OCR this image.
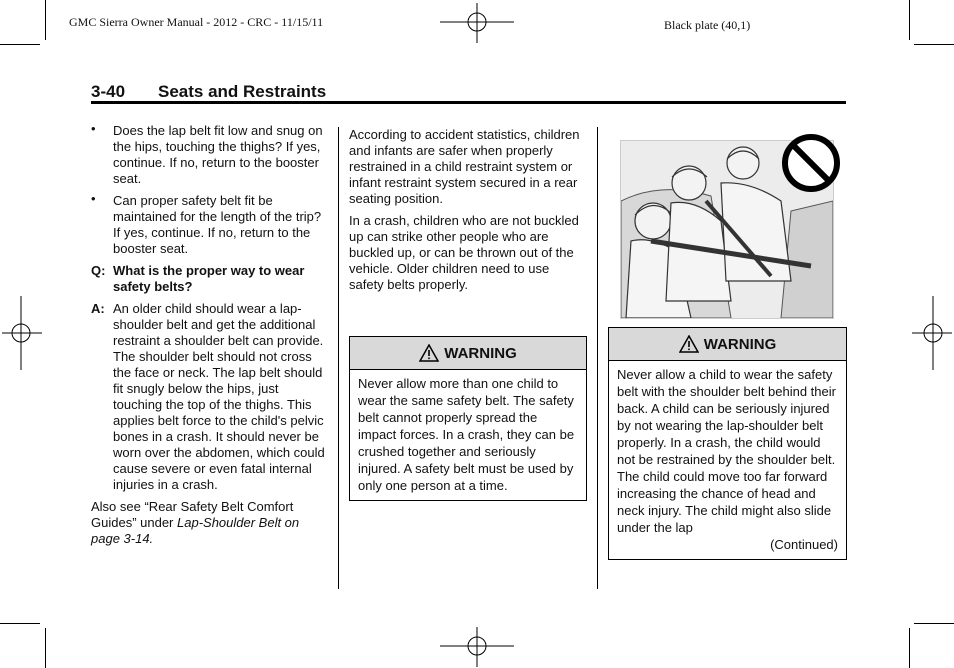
GMC Sierra Owner Manual - 2012 - CRC - 11/15/11	Black plate (40,1)
3-40 Seats and Restraints
• Does the lap belt fit low and snug on the hips, touching the thighs? If yes, continue. If no, return to the booster seat.
• Can proper safety belt fit be maintained for the length of the trip? If yes, continue. If no, return to the booster seat.
Q: What is the proper way to wear safety belts?
A: An older child should wear a lap-shoulder belt and get the additional restraint a shoulder belt can provide. The shoulder belt should not cross the face or neck. The lap belt should fit snugly below the hips, just touching the top of the thighs. This applies belt force to the child's pelvic bones in a crash. It should never be worn over the abdomen, which could cause severe or even fatal internal injuries in a crash.

Also see “Rear Safety Belt Comfort Guides” under Lap-Shoulder Belt on page 3-14.

According to accident statistics, children and infants are safer when properly restrained in a child restraint system or infant restraint system secured in a rear seating position.

In a crash, children who are not buckled up can strike other people who are buckled up, or can be thrown out of the vehicle. Older children need to use safety belts properly.

WARNING
Never allow more than one child to wear the same safety belt. The safety belt cannot properly spread the impact forces. In a crash, they can be crushed together and seriously injured. A safety belt must be used by only one person at a time.
WARNING
Never allow a child to wear the safety belt with the shoulder belt behind their back. A child can be seriously injured by not wearing the lap-shoulder belt properly. In a crash, the child would not be restrained by the shoulder belt. The child could move too far forward increasing the chance of head and neck injury. The child might also slide under the lap
(Continued)
